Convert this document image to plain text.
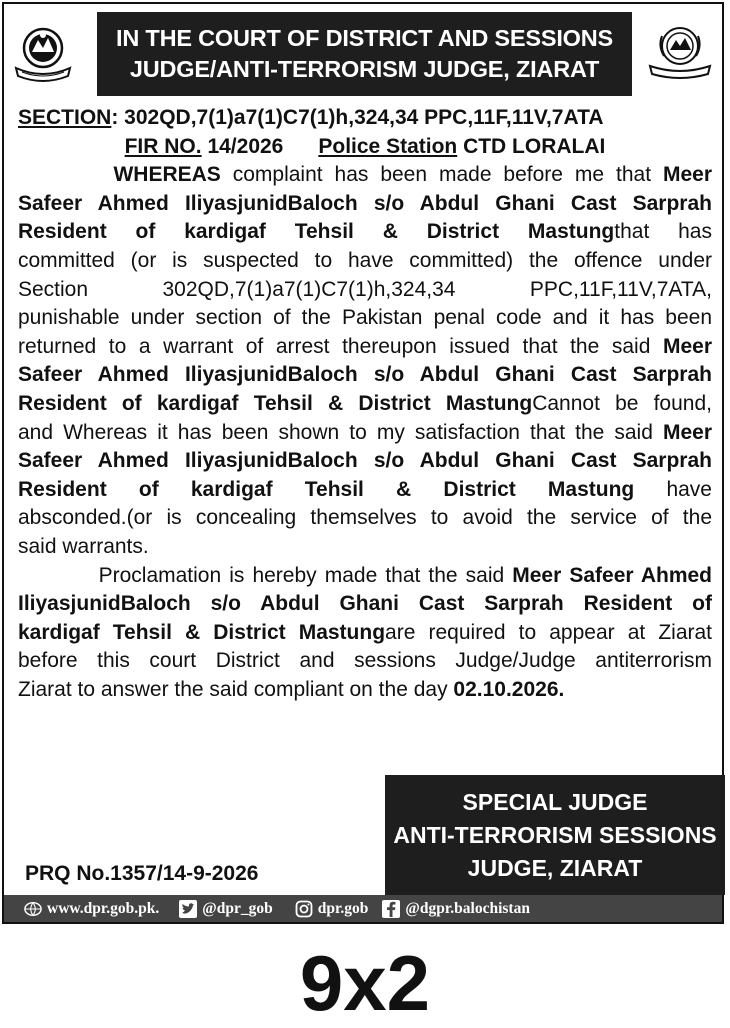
IN THE COURT OF DISTRICT AND SESSIONS
JUDGE/ANTI-TERRORISM JUDGE, ZIARAT
SECTION: 302QD,7(1)a7(1)C7(1)h,324,34 PPC,11F,11V,7ATA
FIR NO. 14/2026 Police Station CTD LORALAI
WHEREAS complaint has been made before me that Meer
Safeer Ahmed IliyasjunidBaloch s/o Abdul Ghani Cast Sarprah
Resident of kardigaf Tehsil & District Mastungthat has
committed (or is suspected to have committed) the offence under
Section 302QD,7(1)a7(1)C7(1)h,324,34 PPC,11F,11V,7ATA,
punishable under section of the Pakistan penal code and it has been
returned to a warrant of arrest thereupon issued that the said Meer
Safeer Ahmed IliyasjunidBaloch s/o Abdul Ghani Cast Sarprah
Resident of kardigaf Tehsil & District MastungCannot be found,
and Whereas it has been shown to my satisfaction that the said Meer
Safeer Ahmed IliyasjunidBaloch s/o Abdul Ghani Cast Sarprah
Resident of kardigaf Tehsil & District Mastung have
absconded.(or is concealing themselves to avoid the service of the
said warrants.
Proclamation is hereby made that the said Meer Safeer Ahmed
IliyasjunidBaloch s/o Abdul Ghani Cast Sarprah Resident of
kardigaf Tehsil & District Mastungare required to appear at Ziarat
before this court District and sessions Judge/Judge antiterrorism
Ziarat to answer the said compliant on the day 02.10.2026.
SPECIAL JUDGE
ANTI-TERRORISM SESSIONS
JUDGE, ZIARAT
PRQ No.1357/14-9-2026
www.dpr.gob.pk.	@dpr_gob	dpr.gob @dgpr.balochistan
9x2
